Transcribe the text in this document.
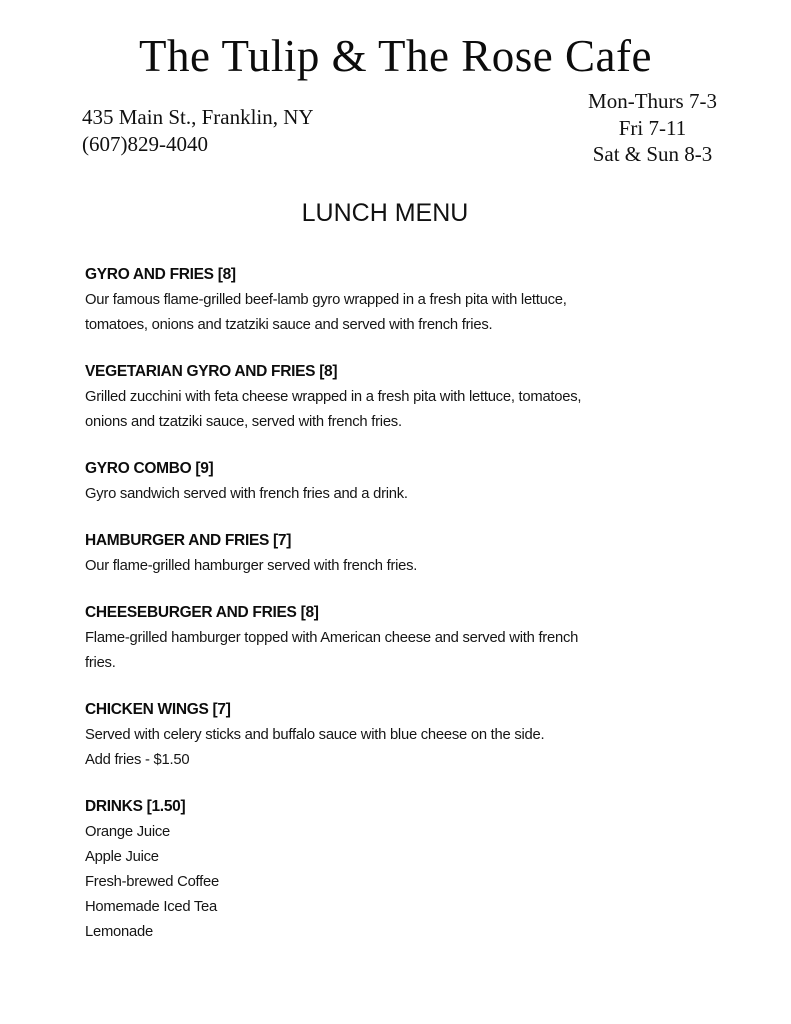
The Tulip & The Rose Cafe
435 Main St., Franklin, NY
(607)829-4040
Mon-Thurs 7-3
Fri 7-11
Sat & Sun 8-3
LUNCH MENU
GYRO AND FRIES [8]
Our famous flame-grilled beef-lamb gyro wrapped in a fresh pita with lettuce,
tomatoes, onions and tzatziki sauce and served with french fries.
VEGETARIAN GYRO AND FRIES [8]
Grilled zucchini with feta cheese wrapped in a fresh pita with lettuce, tomatoes,
onions and tzatziki sauce, served with french fries.
GYRO COMBO [9]
Gyro sandwich served with french fries and a drink.
HAMBURGER AND FRIES [7]
Our flame-grilled hamburger served with french fries.
CHEESEBURGER AND FRIES [8]
Flame-grilled hamburger topped with American cheese and served with french
fries.
CHICKEN WINGS [7]
Served with celery sticks and buffalo sauce with blue cheese on the side.
Add fries - $1.50
DRINKS [1.50]
Orange Juice
Apple Juice
Fresh-brewed Coffee
Homemade Iced Tea
Lemonade
